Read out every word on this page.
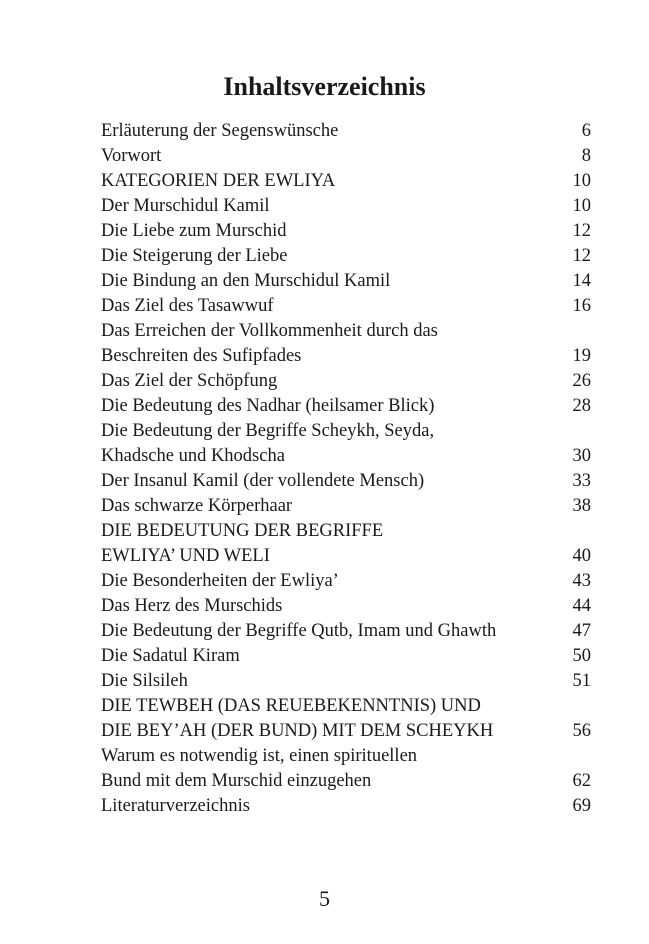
Inhaltsverzeichnis
Erläuterung der Segenswünsche	6
Vorwort	8
KATEGORIEN DER EWLIYA	10
Der Murschidul Kamil	10
Die Liebe zum Murschid	12
Die Steigerung der Liebe	12
Die Bindung an den Murschidul Kamil	14
Das Ziel des Tasawwuf	16
Das Erreichen der Vollkommenheit durch das
Beschreiten des Sufipfades	19
Das Ziel der Schöpfung	26
Die Bedeutung des Nadhar (heilsamer Blick)	28
Die Bedeutung der Begriffe Scheykh, Seyda,
Khadsche und Khodscha	30
Der Insanul Kamil (der vollendete Mensch)	33
Das schwarze Körperhaar	38
DIE BEDEUTUNG DER BEGRIFFE
EWLIYA’ UND WELI	40
Die Besonderheiten der Ewliya’	43
Das Herz des Murschids	44
Die Bedeutung der Begriffe Qutb, Imam und Ghawth	47
Die Sadatul Kiram	50
Die Silsileh	51
DIE TEWBEH (DAS REUEBEKENNTNIS) UND
DIE BEY’AH (DER BUND) MIT DEM SCHEYKH	56
Warum es notwendig ist, einen spirituellen
Bund mit dem Murschid einzugehen	62
Literaturverzeichnis	69
5
